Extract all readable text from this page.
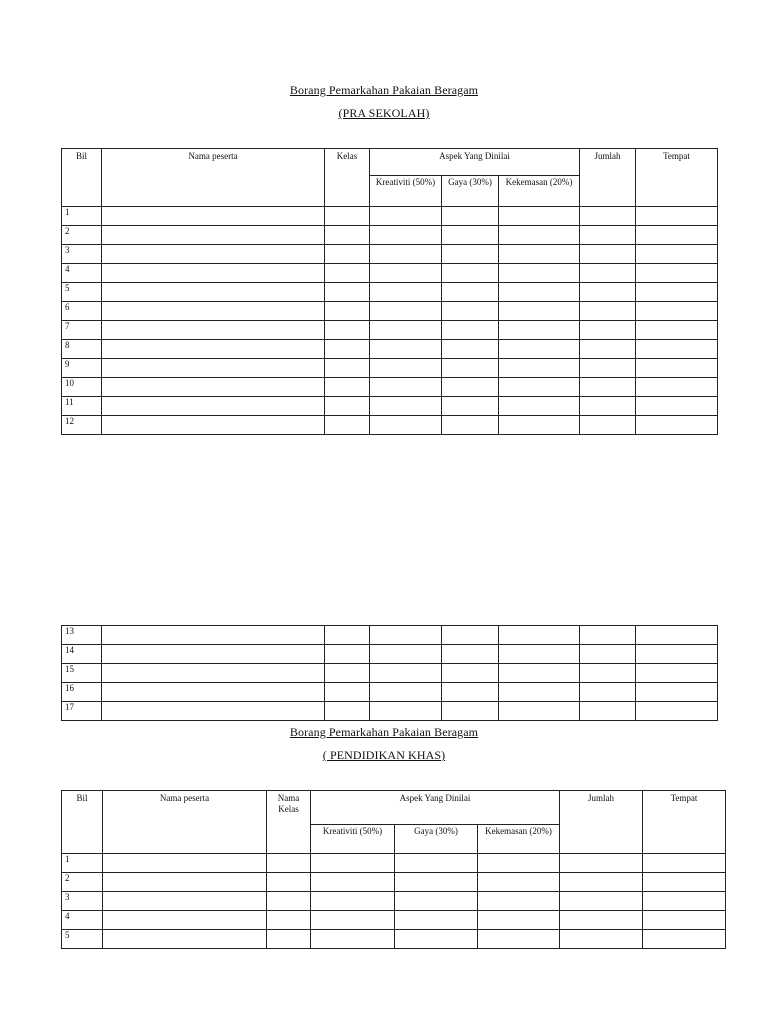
Borang Pemarkahan Pakaian Beragam
(PRA SEKOLAH)
Bil	Nama peserta	Kelas	Aspek Yang Dinilai			Jumlah	Tempat
			Kreativiti (50%)	Gaya (30%)	Kekemasan (20%)		
1							
2							
3							
4							
5							
6							
7							
8							
9							
10							
11							
12							
13							
14							
15							
16							
17							
Borang Pemarkahan Pakaian Beragam
( PENDIDIKAN KHAS)
Bil	Nama peserta	Nama Kelas	Aspek Yang Dinilai			Jumlah	Tempat
			Kreativiti (50%)	Gaya (30%)	Kekemasan (20%)		
1							
2							
3							
4							
5							
